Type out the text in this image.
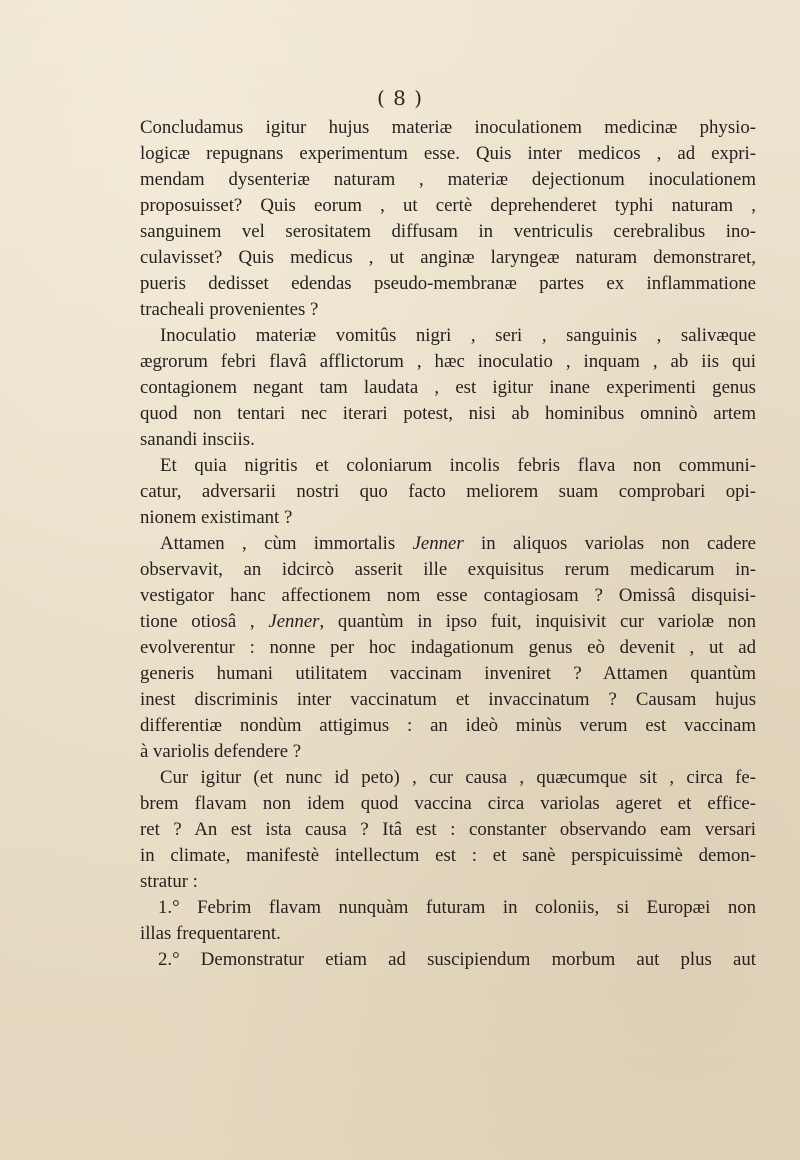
( 8 )
Concludamus igitur hujus materiæ inoculationem medicinæ physio-
logicæ repugnans experimentum esse. Quis inter medicos , ad expri-
mendam dysenteriæ naturam , materiæ dejectionum inoculationem
proposuisset? Quis eorum , ut certè deprehenderet typhi naturam ,
sanguinem vel serositatem diffusam in ventriculis cerebralibus ino-
culavisset? Quis medicus , ut anginæ laryngeæ naturam demonstraret,
pueris dedisset edendas pseudo-membranæ partes ex inflammatione
tracheali provenientes ?
Inoculatio materiæ vomitûs nigri , seri , sanguinis , salivæque
ægrorum febri flavâ afflictorum , hæc inoculatio , inquam , ab iis qui
contagionem negant tam laudata , est igitur inane experimenti genus
quod non tentari nec iterari potest, nisi ab hominibus omninò artem
sanandi insciis.
Et quia nigritis et coloniarum incolis febris flava non communi-
catur, adversarii nostri quo facto meliorem suam comprobari opi-
nionem existimant ?
Attamen , cùm immortalis Jenner in aliquos variolas non cadere
observavit, an idcircò asserit ille exquisitus rerum medicarum in-
vestigator hanc affectionem nom esse contagiosam ? Omissâ disquisi-
tione otiosâ , Jenner, quantùm in ipso fuit, inquisivit cur variolæ non
evolverentur : nonne per hoc indagationum genus eò devenit , ut ad
generis humani utilitatem vaccinam inveniret ? Attamen quantùm
inest discriminis inter vaccinatum et invaccinatum ? Causam hujus
differentiæ nondùm attigimus : an ideò minùs verum est vaccinam
à variolis defendere ?
Cur igitur (et nunc id peto) , cur causa , quæcumque sit , circa fe-
brem flavam non idem quod vaccina circa variolas ageret et effice-
ret ? An est ista causa ? Itâ est : constanter observando eam versari
in climate, manifestè intellectum est : et sanè perspicuissimè demon-
stratur :
1.° Febrim flavam nunquàm futuram in coloniis, si Europæi non
illas frequentarent.
2.° Demonstratur etiam ad suscipiendum morbum aut plus aut
